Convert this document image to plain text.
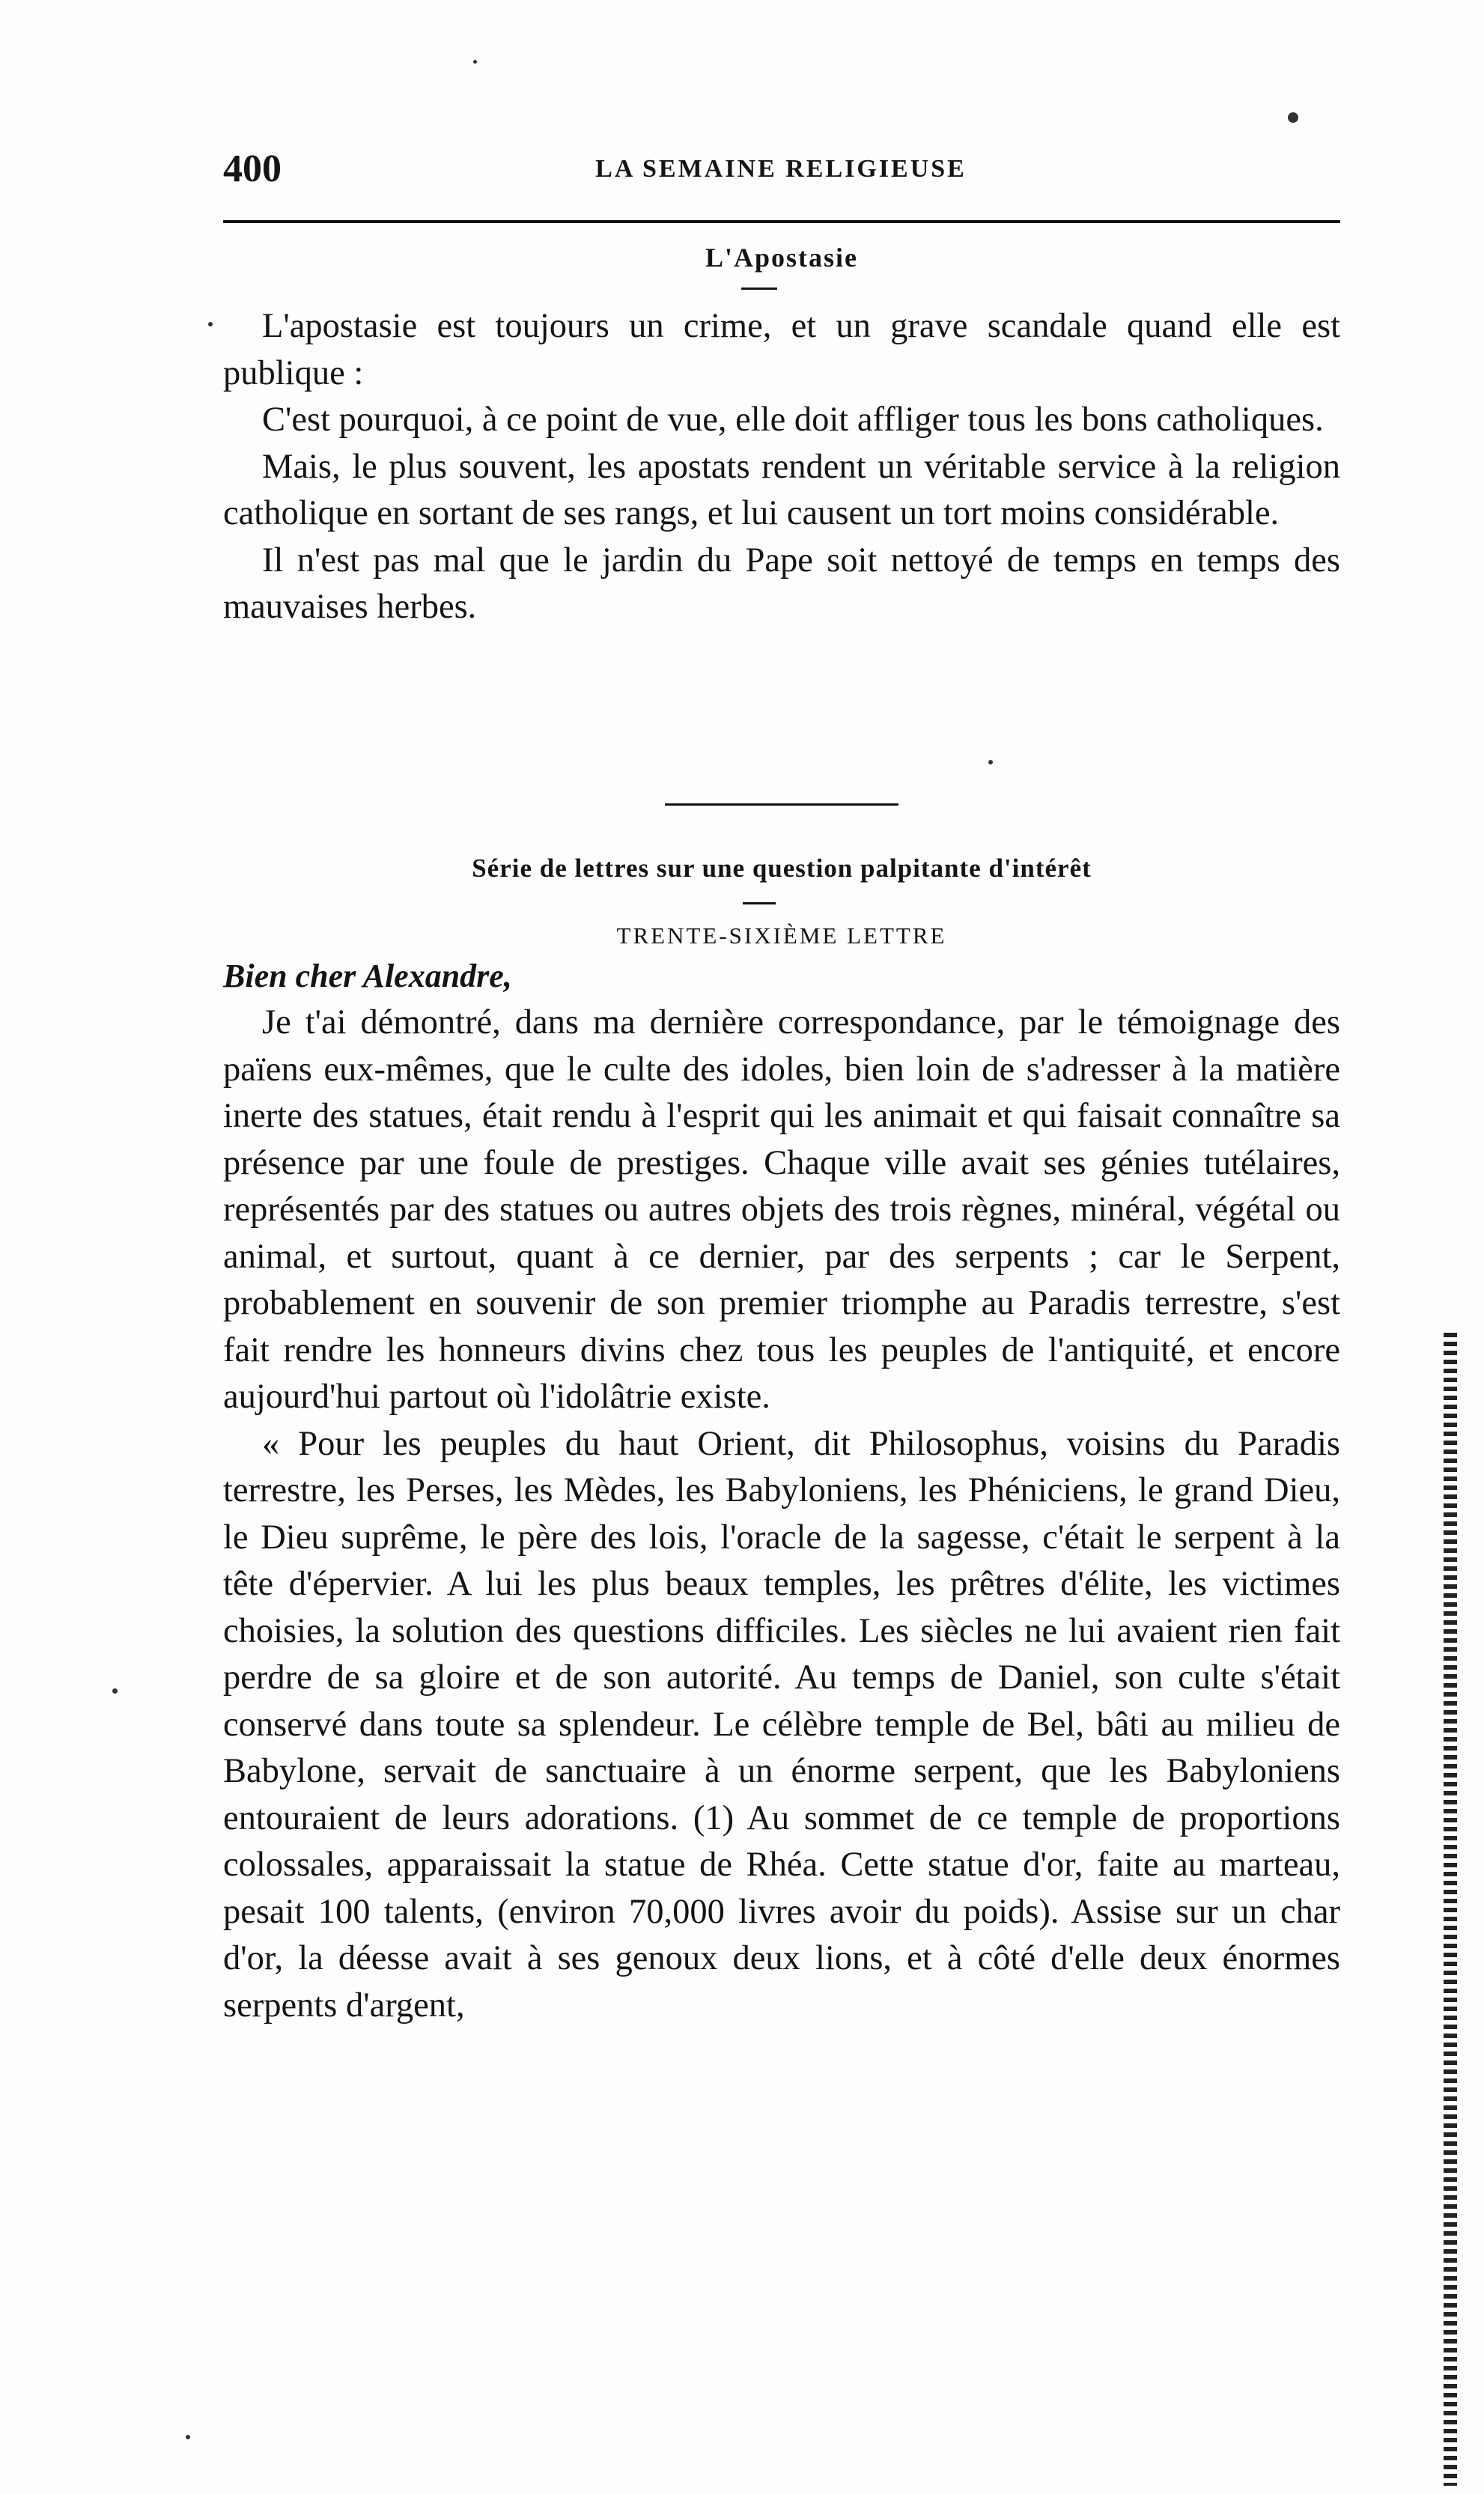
400	LA SEMAINE RELIGIEUSE
L'Apostasie

L'apostasie est toujours un crime, et un grave scandale quand elle est publique :

C'est pourquoi, à ce point de vue, elle doit affliger tous les bons catholiques.

Mais, le plus souvent, les apostats rendent un véritable service à la religion catholique en sortant de ses rangs, et lui causent un tort moins considérable.

Il n'est pas mal que le jardin du Pape soit nettoyé de temps en temps des mauvaises herbes.

Série de lettres sur une question palpitante d'intérêt
TRENTE-SIXIÈME LETTRE
Bien cher Alexandre,

Je t'ai démontré, dans ma dernière correspondance, par le témoignage des païens eux-mêmes, que le culte des idoles, bien loin de s'adresser à la matière inerte des statues, était rendu à l'esprit qui les animait et qui faisait connaître sa présence par une foule de prestiges. Chaque ville avait ses génies tutélaires, représentés par des statues ou autres objets des trois règnes, minéral, végétal ou animal, et surtout, quant à ce dernier, par des serpents ; car le Serpent, probablement en souvenir de son premier triomphe au Paradis terrestre, s'est fait rendre les honneurs divins chez tous les peuples de l'antiquité, et encore aujourd'hui partout où l'idolâtrie existe.

« Pour les peuples du haut Orient, dit Philosophus, voisins du Paradis terrestre, les Perses, les Mèdes, les Babyloniens, les Phéniciens, le grand Dieu, le Dieu suprême, le père des lois, l'oracle de la sagesse, c'était le serpent à la tête d'épervier. A lui les plus beaux temples, les prêtres d'élite, les victimes choisies, la solution des questions difficiles. Les siècles ne lui avaient rien fait perdre de sa gloire et de son autorité. Au temps de Daniel, son culte s'était conservé dans toute sa splendeur. Le célèbre temple de Bel, bâti au milieu de Babylone, servait de sanctuaire à un énorme serpent, que les Babyloniens entouraient de leurs adorations. (1) Au sommet de ce temple de proportions colossales, apparaissait la statue de Rhéa. Cette statue d'or, faite au marteau, pesait 100 talents, (environ 70,000 livres avoir du poids). Assise sur un char d'or, la déesse avait à ses genoux deux lions, et à côté d'elle deux énormes serpents d'argent,
